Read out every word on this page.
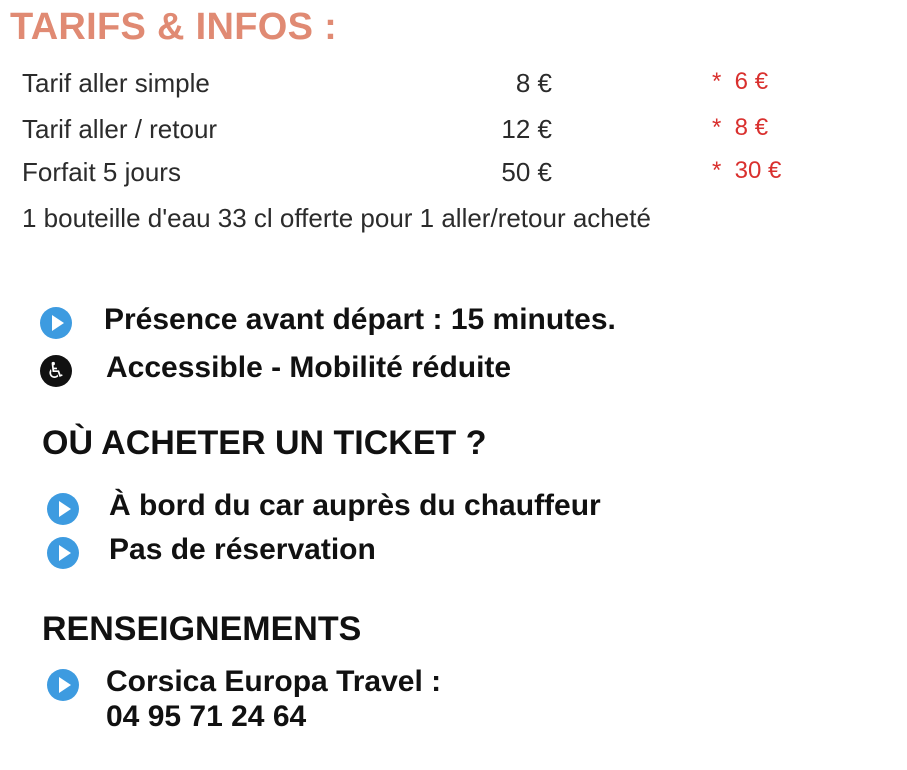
TARIFS & INFOS :
Tarif aller simple	8 €	*  6 €
Tarif aller / retour	12 €	*  8 €
Forfait 5 jours	50 €	*  30 €
1 bouteille d'eau 33 cl offerte pour 1 aller/retour acheté
Présence avant départ : 15 minutes.
♿ Accessible - Mobilité réduite
OÙ ACHETER UN TICKET ?
À bord du car auprès du chauffeur
Pas de réservation
RENSEIGNEMENTS
Corsica Europa Travel :
04 95 71 24 64
